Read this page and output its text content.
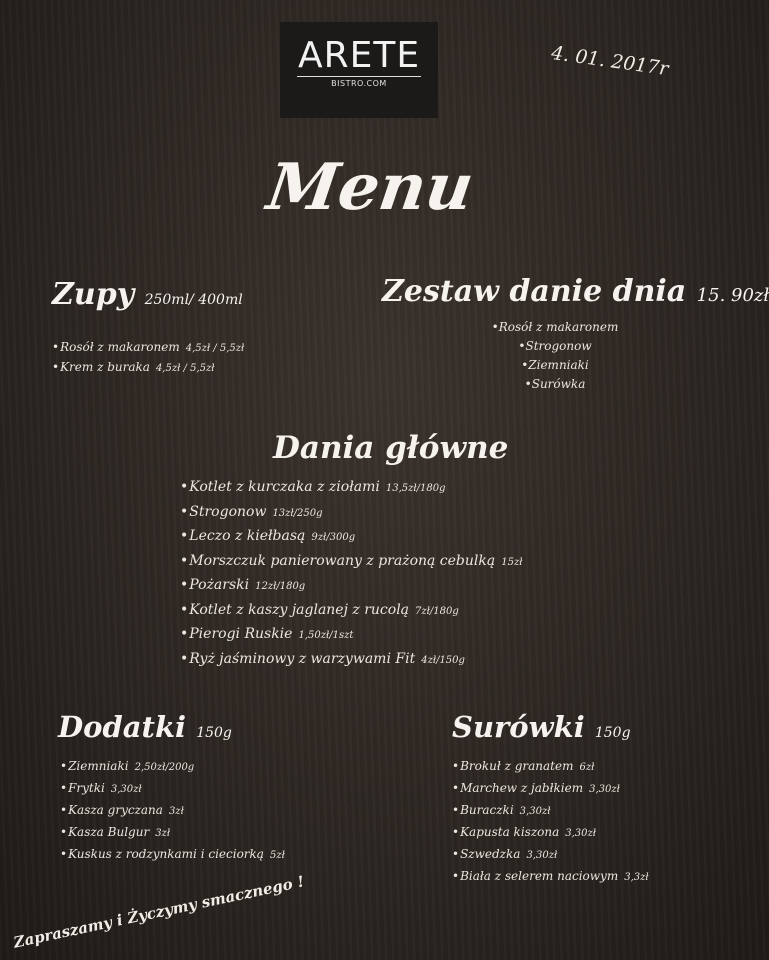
ARETE
BISTRO.COM
4. 01. 2017r
Menu
Zupy 250ml/ 400ml
• Rosół z makaronem 4,5zł / 5,5zł
• Krem z buraka 4,5zł / 5,5zł
Zestaw danie dnia 15. 90zł
• Rosół z makaronem
• Strogonow
• Ziemniaki
• Surówka
Dania główne
• Kotlet z kurczaka z ziołami 13,5zł/180g
• Strogonow 13zł/250g
• Leczo z kiełbasą 9zł/300g
• Morszczuk panierowany z prażoną cebulką 15zł
• Pożarski 12zł/180g
• Kotlet z kaszy jaglanej z rucolą 7zł/180g
• Pierogi Ruskie 1,50zł/1szt
• Ryż jaśminowy z warzywami Fit 4zł/150g
Dodatki 150g
• Ziemniaki 2,50zł/200g
• Frytki 3,30zł
• Kasza gryczana 3zł
• Kasza Bulgur 3zł
• Kuskus z rodzynkami i cieciorką 5zł
Surówki 150g
• Brokuł z granatem 6zł
• Marchew z jabłkiem 3,30zł
• Buraczki 3,30zł
• Kapusta kiszona 3,30zł
• Szwedzka 3,30zł
• Biała z selerem naciowym 3,3zł
Zapraszamy i Życzymy smacznego !
